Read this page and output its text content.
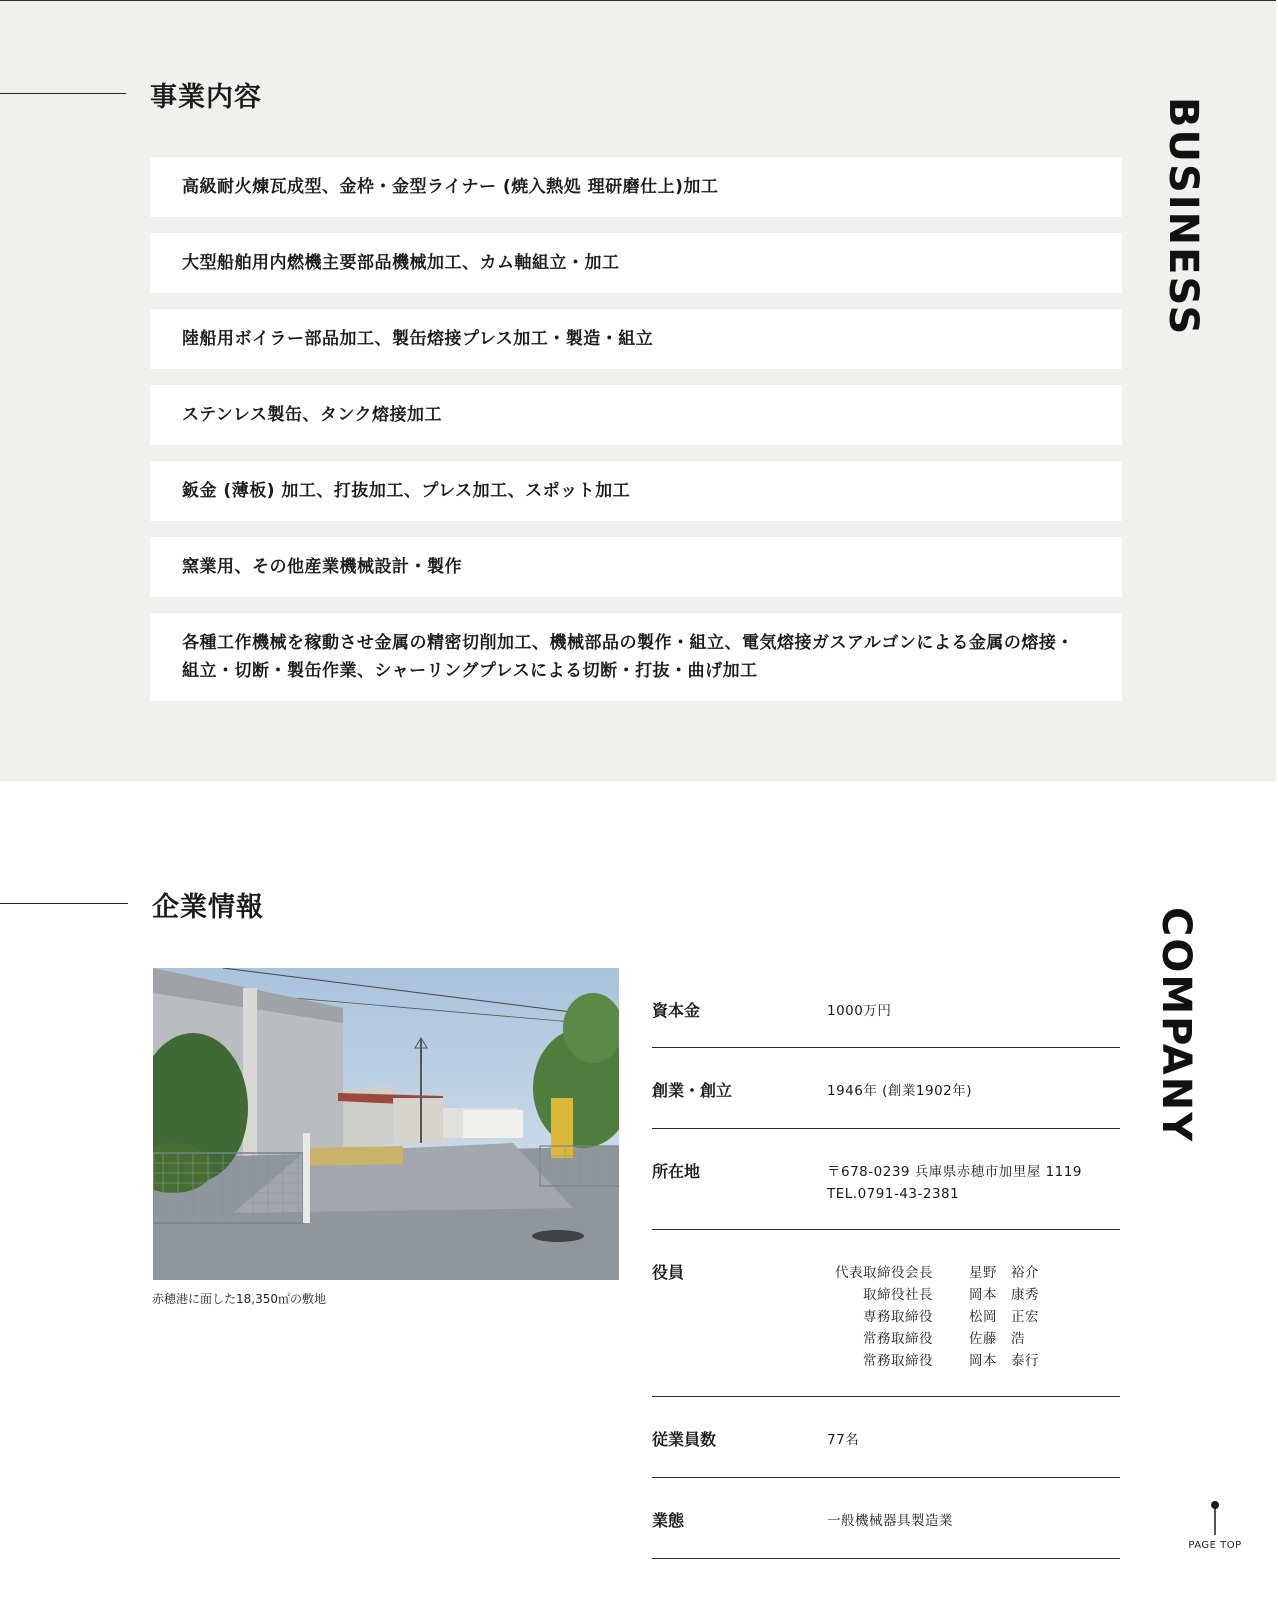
事業内容	BUSINESS
高級耐火煉瓦成型、金枠・金型ライナー (焼入熱処 理研磨仕上)加工
大型船舶用内燃機主要部品機械加工、カム軸組立・加工
陸船用ボイラー部品加工、製缶熔接プレス加工・製造・組立
ステンレス製缶、タンク熔接加工
鈑金 (薄板) 加工、打抜加工、プレス加工、スポット加工
窯業用、その他産業機械設計・製作
各種工作機械を稼動させ金属の精密切削加工、機械部品の製作・組立、電気熔接ガスアルゴンによる金属の熔接・組立・切断・製缶作業、シャーリングプレスによる切断・打抜・曲げ加工
企業情報	COMPANY
赤穂港に面した18,350㎡の敷地
資本金	1000万円
創業・創立	1946年 (創業1902年)
所在地	〒678-0239 兵庫県赤穂市加里屋 1119
TEL.0791-43-2381
役員	代表取締役会長	星野　裕介
取締役社長	岡本　康秀
専務取締役	松岡　正宏
常務取締役	佐藤　浩
常務取締役	岡本　泰行
従業員数	77名
業態	一般機械器具製造業
PAGE TOP
